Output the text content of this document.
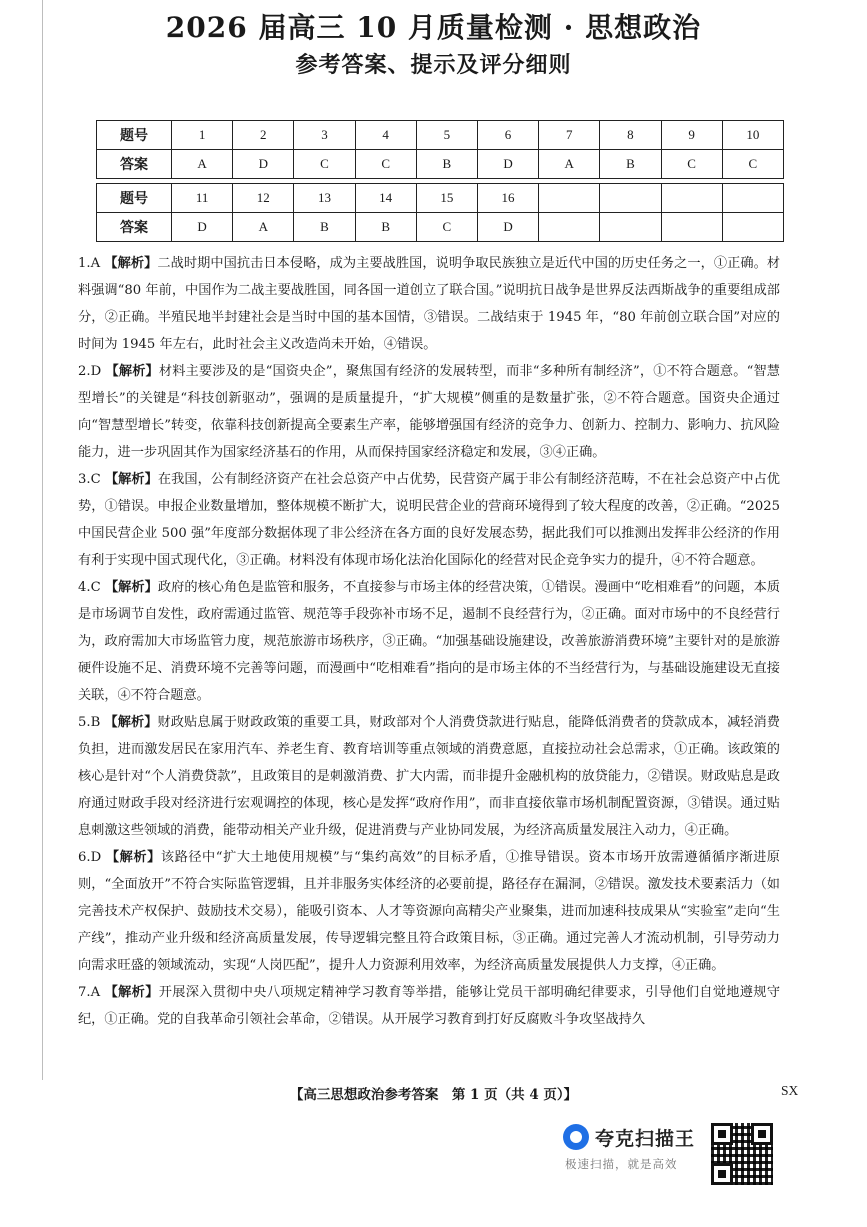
2026 届高三 10 月质量检测 · 思想政治
参考答案、提示及评分细则
题号	1	2	3	4	5	6	7	8	9	10
答案	A	D	C	C	B	D	A	B	C	C

题号	11	12	13	14	15	16				
答案	D	A	B	B	C	D				

1.A 【解析】二战时期中国抗击日本侵略，成为主要战胜国，说明争取民族独立是近代中国的历史任务之一，①正确。材料强调“80 年前，中国作为二战主要战胜国，同各国一道创立了联合国。”说明抗日战争是世界反法西斯战争的重要组成部分，②正确。半殖民地半封建社会是当时中国的基本国情，③错误。二战结束于 1945 年，“80 年前创立联合国”对应的时间为 1945 年左右，此时社会主义改造尚未开始，④错误。

2.D 【解析】材料主要涉及的是“国资央企”，聚焦国有经济的发展转型，而非“多种所有制经济”，①不符合题意。“智慧型增长”的关键是“科技创新驱动”，强调的是质量提升，“扩大规模”侧重的是数量扩张，②不符合题意。国资央企通过向“智慧型增长”转变，依靠科技创新提高全要素生产率，能够增强国有经济的竞争力、创新力、控制力、影响力、抗风险能力，进一步巩固其作为国家经济基石的作用，从而保持国家经济稳定和发展，③④正确。

3.C 【解析】在我国，公有制经济资产在社会总资产中占优势，民营资产属于非公有制经济范畴，不在社会总资产中占优势，①错误。申报企业数量增加，整体规模不断扩大，说明民营企业的营商环境得到了较大程度的改善，②正确。“2025 中国民营企业 500 强”年度部分数据体现了非公经济在各方面的良好发展态势，据此我们可以推测出发挥非公经济的作用有利于实现中国式现代化，③正确。材料没有体现市场化法治化国际化的经营对民企竞争实力的提升，④不符合题意。

4.C 【解析】政府的核心角色是监管和服务，不直接参与市场主体的经营决策，①错误。漫画中“吃相难看”的问题，本质是市场调节自发性，政府需通过监管、规范等手段弥补市场不足，遏制不良经营行为，②正确。面对市场中的不良经营行为，政府需加大市场监管力度，规范旅游市场秩序，③正确。“加强基础设施建设，改善旅游消费环境”主要针对的是旅游硬件设施不足、消费环境不完善等问题，而漫画中“吃相难看”指向的是市场主体的不当经营行为，与基础设施建设无直接关联，④不符合题意。

5.B 【解析】财政贴息属于财政政策的重要工具，财政部对个人消费贷款进行贴息，能降低消费者的贷款成本，减轻消费负担，进而激发居民在家用汽车、养老生育、教育培训等重点领域的消费意愿，直接拉动社会总需求，①正确。该政策的核心是针对“个人消费贷款”，且政策目的是刺激消费、扩大内需，而非提升金融机构的放贷能力，②错误。财政贴息是政府通过财政手段对经济进行宏观调控的体现，核心是发挥“政府作用”，而非直接依靠市场机制配置资源，③错误。通过贴息刺激这些领域的消费，能带动相关产业升级，促进消费与产业协同发展，为经济高质量发展注入动力，④正确。

6.D 【解析】该路径中“扩大土地使用规模”与“集约高效”的目标矛盾，①推导错误。资本市场开放需遵循循序渐进原则，“全面放开”不符合实际监管逻辑，且并非服务实体经济的必要前提，路径存在漏洞，②错误。激发技术要素活力（如完善技术产权保护、鼓励技术交易），能吸引资本、人才等资源向高精尖产业聚集，进而加速科技成果从“实验室”走向“生产线”，推动产业升级和经济高质量发展，传导逻辑完整且符合政策目标，③正确。通过完善人才流动机制，引导劳动力向需求旺盛的领域流动，实现“人岗匹配”，提升人力资源利用效率，为经济高质量发展提供人力支撑，④正确。

7.A 【解析】开展深入贯彻中央八项规定精神学习教育等举措，能够让党员干部明确纪律要求，引导他们自觉地遵规守纪，①正确。党的自我革命引领社会革命，②错误。从开展学习教育到打好反腐败斗争攻坚战持久

【高三思想政治参考答案　第 1 页（共 4 页）】	SX
夸克扫描王
极速扫描，就是高效
